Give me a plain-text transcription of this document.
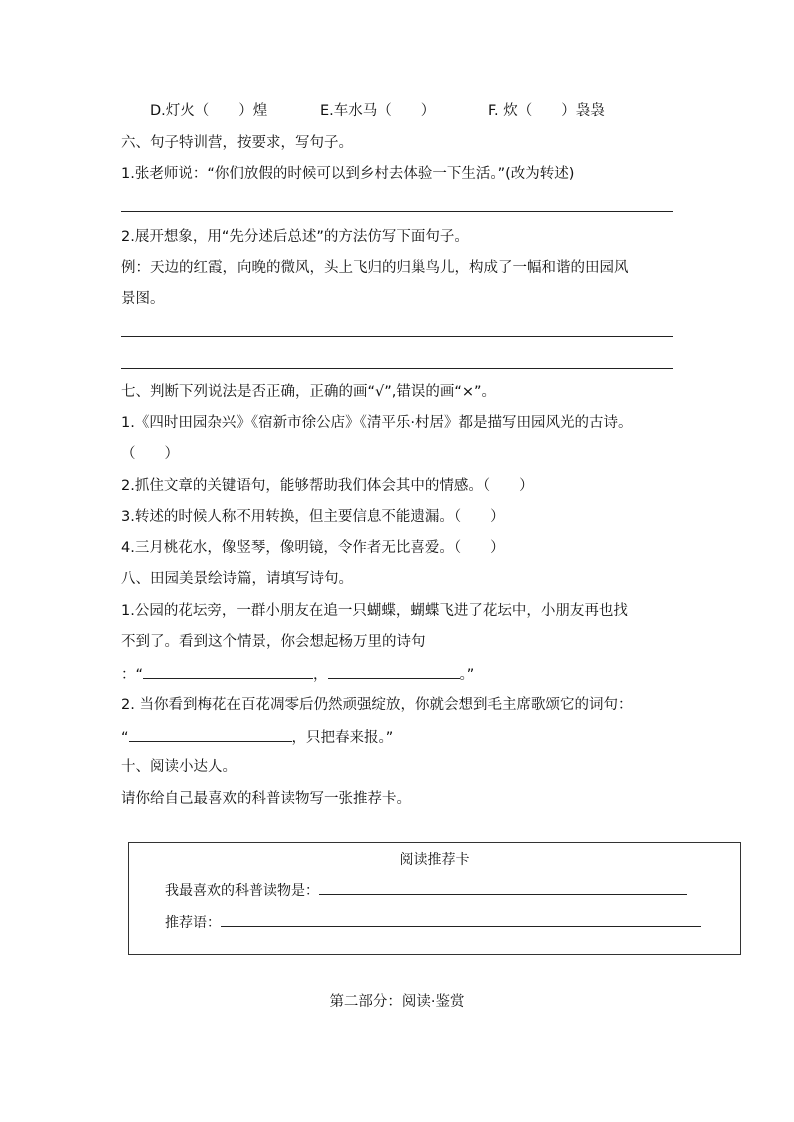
D.灯火（　　）煌	E.车水马（　　）	F. 炊（　　）袅袅
六、句子特训营，按要求，写句子。
1.张老师说：“你们放假的时候可以到乡村去体验一下生活。”(改为转述)
2.展开想象，用“先分述后总述”的方法仿写下面句子。
例：天边的红霞，向晚的微风，头上飞归的归巢鸟儿，构成了一幅和谐的田园风
景图。
七、判断下列说法是否正确，正确的画“√”,错误的画“×”。
1.《四时田园杂兴》《宿新市徐公店》《清平乐·村居》都是描写田园风光的古诗。
（　　）
2.抓住文章的关键语句，能够帮助我们体会其中的情感。（　　）
3.转述的时候人称不用转换，但主要信息不能遗漏。（　　）
4.三月桃花水，像竖琴，像明镜，令作者无比喜爱。（　　）
八、田园美景绘诗篇，请填写诗句。
1.公园的花坛旁，一群小朋友在追一只蝴蝶，蝴蝶飞进了花坛中，小朋友再也找
不到了。看到这个情景，你会想起杨万里的诗句
：“	，	。”
2. 当你看到梅花在百花凋零后仍然顽强绽放，你就会想到毛主席歌颂它的词句：
“	，只把春来报。”
十、阅读小达人。
请你给自己最喜欢的科普读物写一张推荐卡。
阅读推荐卡
我最喜欢的科普读物是：
推荐语：
第二部分：阅读·鉴赏
